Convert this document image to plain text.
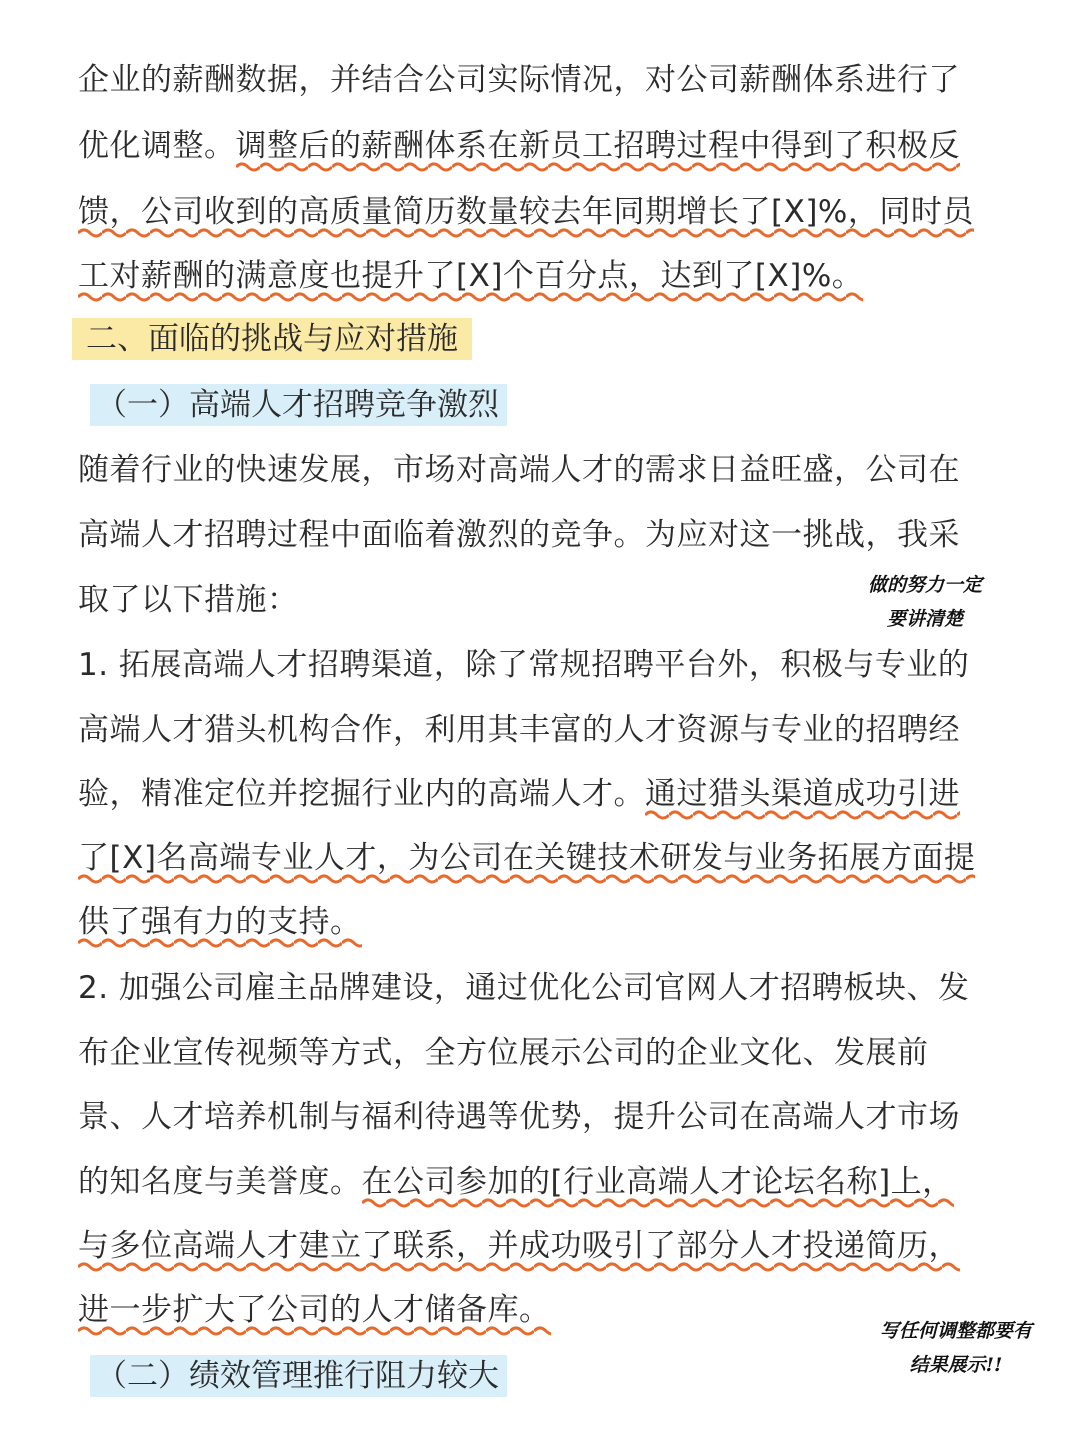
企业的薪酬数据，并结合公司实际情况，对公司薪酬体系进行了
优化调整。调整后的薪酬体系在新员工招聘过程中得到了积极反
馈，公司收到的高质量简历数量较去年同期增长了[X]%，同时员
工对薪酬的满意度也提升了[X]个百分点，达到了[X]%。
二、面临的挑战与应对措施
（一）高端人才招聘竞争激烈
随着行业的快速发展，市场对高端人才的需求日益旺盛，公司在
高端人才招聘过程中面临着激烈的竞争。为应对这一挑战，我采
取了以下措施：	做的努力一定
要讲清楚
1. 拓展高端人才招聘渠道，除了常规招聘平台外，积极与专业的
高端人才猎头机构合作，利用其丰富的人才资源与专业的招聘经
验，精准定位并挖掘行业内的高端人才。通过猎头渠道成功引进
了[X]名高端专业人才，为公司在关键技术研发与业务拓展方面提
供了强有力的支持。
2. 加强公司雇主品牌建设，通过优化公司官网人才招聘板块、发
布企业宣传视频等方式，全方位展示公司的企业文化、发展前
景、人才培养机制与福利待遇等优势，提升公司在高端人才市场
的知名度与美誉度。在公司参加的[行业高端人才论坛名称]上，
与多位高端人才建立了联系，并成功吸引了部分人才投递简历，
进一步扩大了公司的人才储备库。
写任何调整都要有
结果展示!!
（二）绩效管理推行阻力较大
